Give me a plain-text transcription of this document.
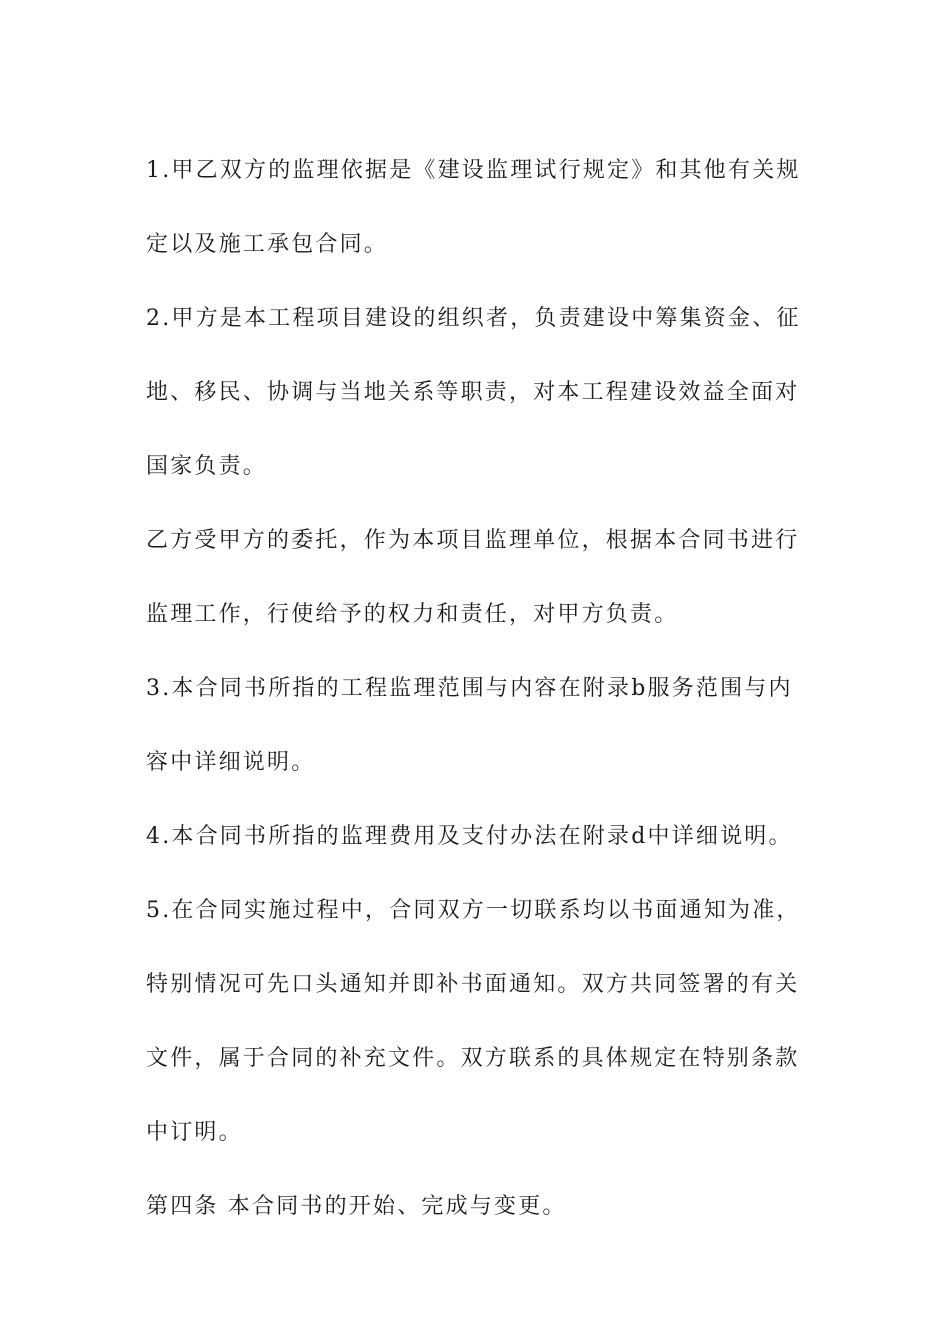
1.甲乙双方的监理依据是《建设监理试行规定》和其他有关规定以及施工承包合同。

2.甲方是本工程项目建设的组织者，负责建设中筹集资金、征地、移民、协调与当地关系等职责，对本工程建设效益全面对国家负责。

乙方受甲方的委托，作为本项目监理单位，根据本合同书进行监理工作，行使给予的权力和责任，对甲方负责。

3.本合同书所指的工程监理范围与内容在附录b服务范围与内容中详细说明。

4.本合同书所指的监理费用及支付办法在附录d中详细说明。

5.在合同实施过程中，合同双方一切联系均以书面通知为准，特别情况可先口头通知并即补书面通知。双方共同签署的有关文件，属于合同的补充文件。双方联系的具体规定在特别条款中订明。

第四条 本合同书的开始、完成与变更。
